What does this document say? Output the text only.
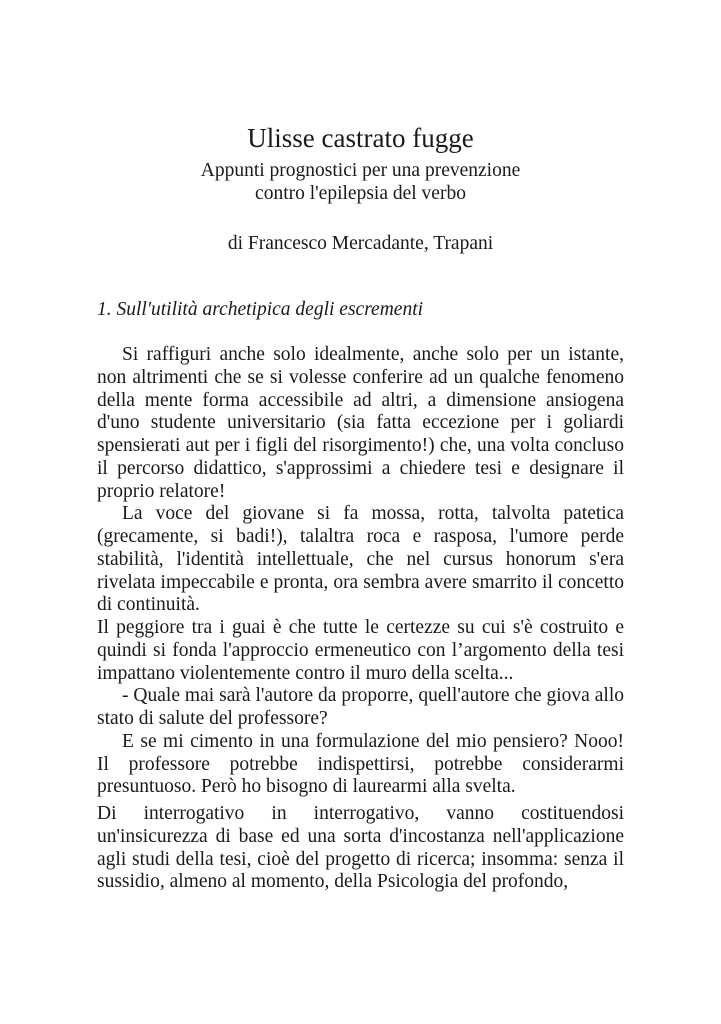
Ulisse castrato fugge
Appunti prognostici per una prevenzione
contro l'epilepsia del verbo
di Francesco Mercadante, Trapani
1. Sull'utilità archetipica degli escrementi

Si raffiguri anche solo idealmente, anche solo per un istante, non altrimenti che se si volesse conferire ad un qualche fenomeno della mente forma accessibile ad altri, a dimensione ansiogena d'uno studente universitario (sia fatta eccezione per i goliardi spensierati aut per i figli del risorgimento!) che, una volta concluso il percorso didattico, s'approssimi a chiedere tesi e designare il proprio relatore!

La voce del giovane si fa mossa, rotta, talvolta patetica (grecamente, si badi!), talaltra roca e rasposa, l'umore perde stabilità, l'identità intellettuale, che nel cursus honorum s'era rivelata impeccabile e pronta, ora sembra avere smarrito il concetto di continuità.

Il peggiore tra i guai è che tutte le certezze su cui s'è costruito e quindi si fonda l'approccio ermeneutico con l’argomento della tesi impattano violentemente contro il muro della scelta...

- Quale mai sarà l'autore da proporre, quell'autore che giova allo stato di salute del professore?

E se mi cimento in una formulazione del mio pensiero? Nooo! Il professore potrebbe indispettirsi, potrebbe considerarmi presuntuoso. Però ho bisogno di laurearmi alla svelta.

Di interrogativo in interrogativo, vanno costituendosi un'insicurezza di base ed una sorta d'incostanza nell'applicazione agli studi della tesi, cioè del progetto di ricerca; insomma: senza il sussidio, almeno al momento, della Psicologia del profondo,
